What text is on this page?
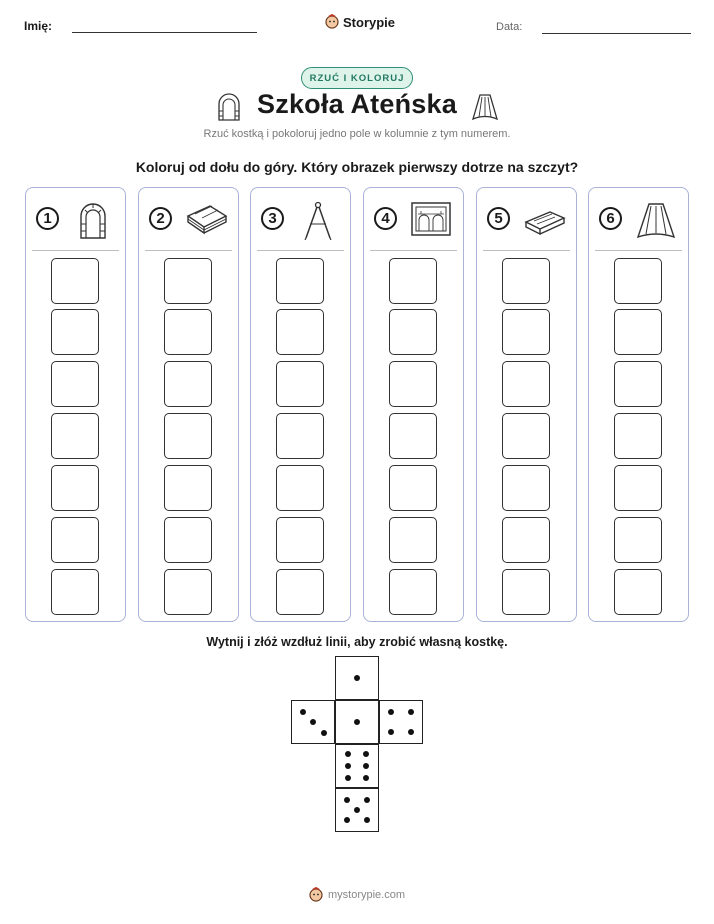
Imię:	Storypie	Data:
RZUĆ I KOLORUJ
Szkoła Ateńska
Rzuć kostką i pokoloruj jedno pole w kolumnie z tym numerem.
Koloruj od dołu do góry. Który obrazek pierwszy dotrze na szczyt?
1	2	3	4	5	6
Wytnij i złóż wzdłuż linii, aby zrobić własną kostkę.
mystorypie.com
